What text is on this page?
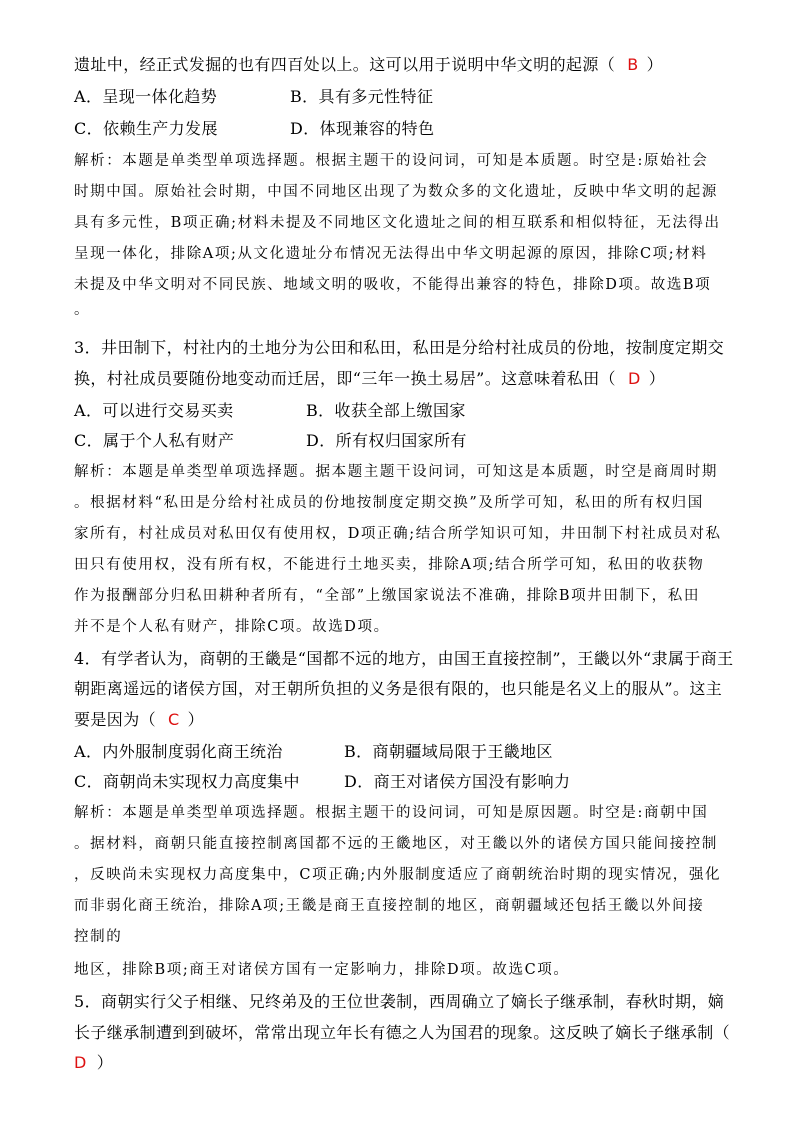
遗址中，经正式发掘的也有四百处以上。这可以用于说明中华文明的起源（ B ）
A．呈现一体化趋势	B．具有多元性特征
C．依赖生产力发展	D．体现兼容的特色
解析：本题是单类型单项选择题。根据主题干的设问词，可知是本质题。时空是:原始社会
时期中国。原始社会时期，中国不同地区出现了为数众多的文化遗址，反映中华文明的起源
具有多元性，B项正确;材料未提及不同地区文化遗址之间的相互联系和相似特征，无法得出
呈现一体化，排除A项;从文化遗址分布情况无法得出中华文明起源的原因，排除C项;材料
未提及中华文明对不同民族、地域文明的吸收，不能得出兼容的特色，排除D项。故选B项
。
3．井田制下，村社内的土地分为公田和私田，私田是分给村社成员的份地，按制度定期交
换，村社成员要随份地变动而迁居，即“三年一换土易居”。这意味着私田（ D ）
A．可以进行交易买卖	B．收获全部上缴国家
C．属于个人私有财产	D．所有权归国家所有
解析：本题是单类型单项选择题。据本题主题干设问词，可知这是本质题，时空是商周时期
。根据材料“私田是分给村社成员的份地按制度定期交换”及所学可知，私田的所有权归国
家所有，村社成员对私田仅有使用权，D项正确;结合所学知识可知，井田制下村社成员对私
田只有使用权，没有所有权，不能进行土地买卖，排除A项;结合所学可知，私田的收获物
作为报酬部分归私田耕种者所有，“全部”上缴国家说法不准确，排除B项井田制下，私田
并不是个人私有财产，排除C项。故选D项。
4．有学者认为，商朝的王畿是“国都不远的地方，由国王直接控制”，王畿以外“隶属于商王
朝距离遥远的诸侯方国，对王朝所负担的义务是很有限的，也只能是名义上的服从”。这主
要是因为（ C ）
A．内外服制度弱化商王统治	B．商朝疆域局限于王畿地区
C．商朝尚未实现权力高度集中	D．商王对诸侯方国没有影响力
解析：本题是单类型单项选择题。根据主题干的设问词，可知是原因题。时空是:商朝中国
。据材料，商朝只能直接控制离国都不远的王畿地区，对王畿以外的诸侯方国只能间接控制
，反映尚未实现权力高度集中，C项正确;内外服制度适应了商朝统治时期的现实情况，强化
而非弱化商王统治，排除A项;王畿是商王直接控制的地区，商朝疆域还包括王畿以外间接
控制的
地区，排除B项;商王对诸侯方国有一定影响力，排除D项。故选C项。
5．商朝实行父子相继、兄终弟及的王位世袭制，西周确立了嫡长子继承制，春秋时期，嫡
长子继承制遭到到破坏，常常出现立年长有德之人为国君的现象。这反映了嫡长子继承制（
D ）
